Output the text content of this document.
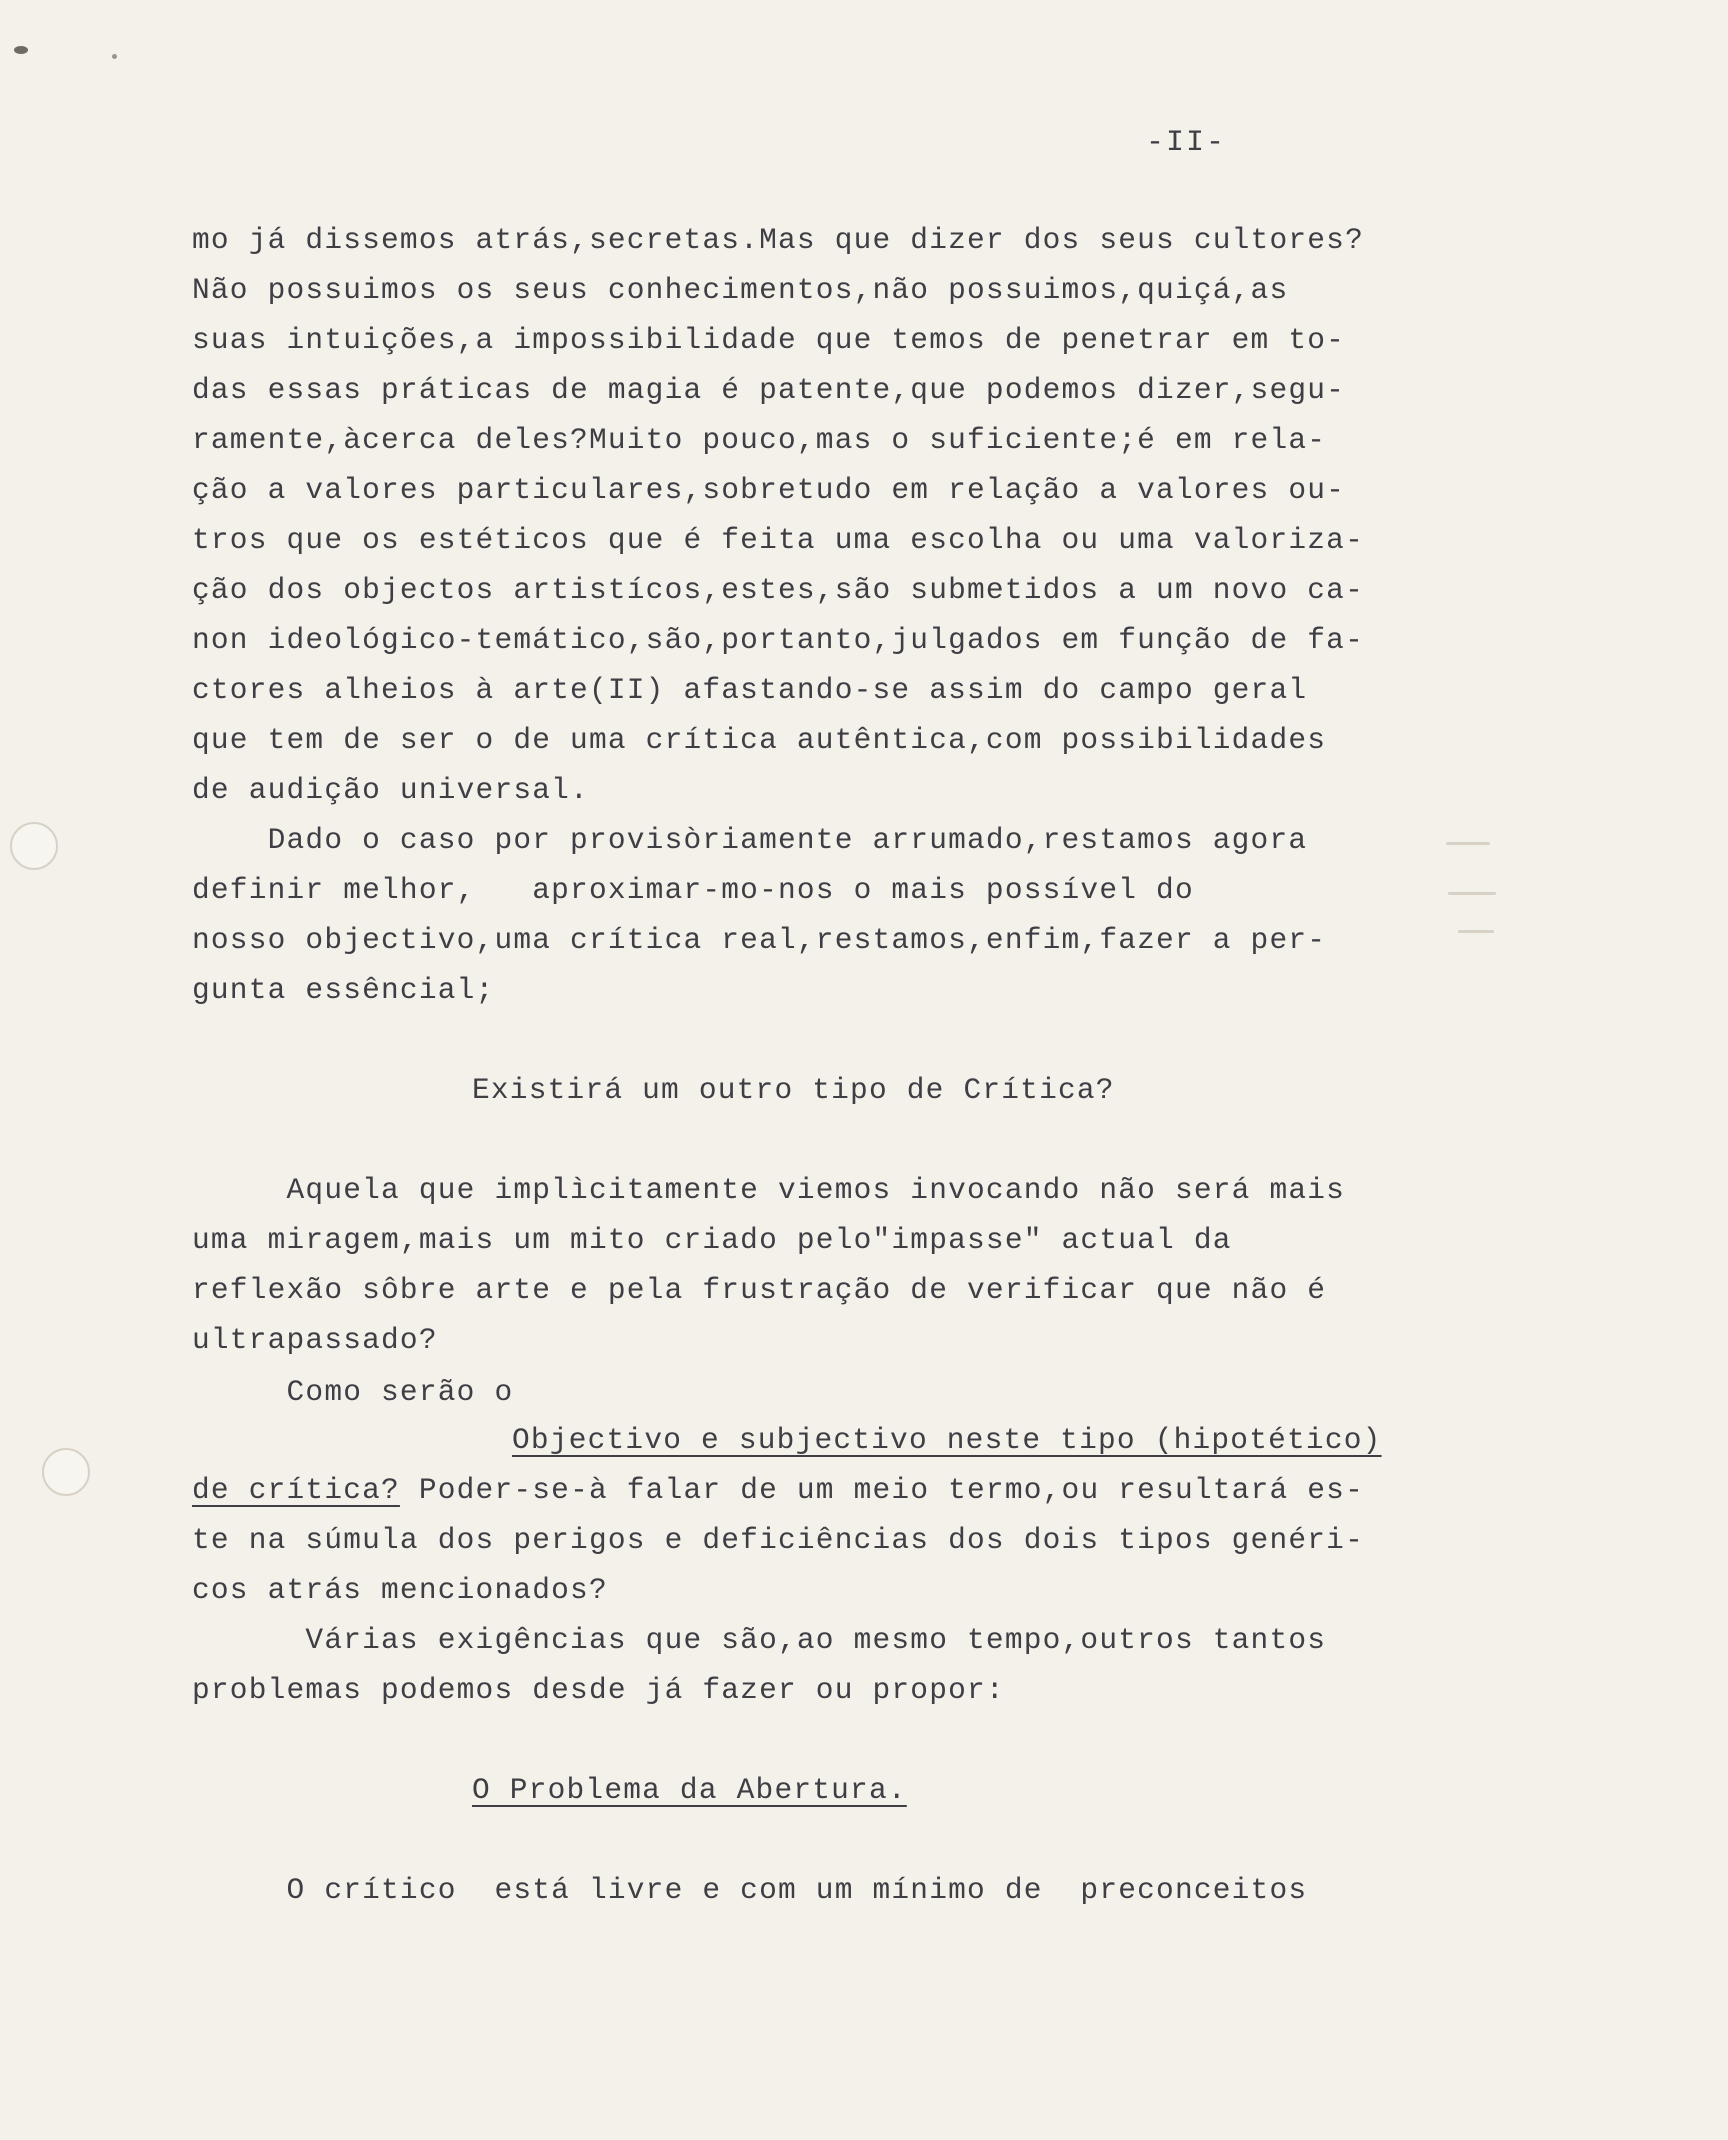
-II-
mo já dissemos atrás,secretas.Mas que dizer dos seus cultores?
Não possuimos os seus conhecimentos,não possuimos,quiçá,as
suas intuições,a impossibilidade que temos de penetrar em to-
das essas práticas de magia é patente,que podemos dizer,segu-
ramente,àcerca deles?Muito pouco,mas o suficiente;é em rela-
ção a valores particulares,sobretudo em relação a valores ou-
tros que os estéticos que é feita uma escolha ou uma valoriza-
ção dos objectos artistícos,estes,são submetidos a um novo ca-
non ideológico-temático,são,portanto,julgados em função de fa-
ctores alheios à arte(II) afastando-se assim do campo geral
que tem de ser o de uma crítica autêntica,com possibilidades
de audição universal.
Dado o caso por provisòriamente arrumado,restamos agora
definir melhor,   aproximar-mo-nos o mais possível do
nosso objectivo,uma crítica real,restamos,enfim,fazer a per-
gunta essêncial;
Existirá um outro tipo de Crítica?
Aquela que implìcitamente viemos invocando não será mais
uma miragem,mais um mito criado pelo"impasse" actual da
reflexão sôbre arte e pela frustração de verificar que não é
ultrapassado?
Como serão o
Objectivo e subjectivo neste tipo (hipotético)
de crítica? Poder-se-à falar de um meio termo,ou resultará es-
te na súmula dos perigos e deficiências dos dois tipos genéri-
cos atrás mencionados?
Várias exigências que são,ao mesmo tempo,outros tantos
problemas podemos desde já fazer ou propor:
O Problema da Abertura.
O crítico  está livre e com um mínimo de  preconceitos
